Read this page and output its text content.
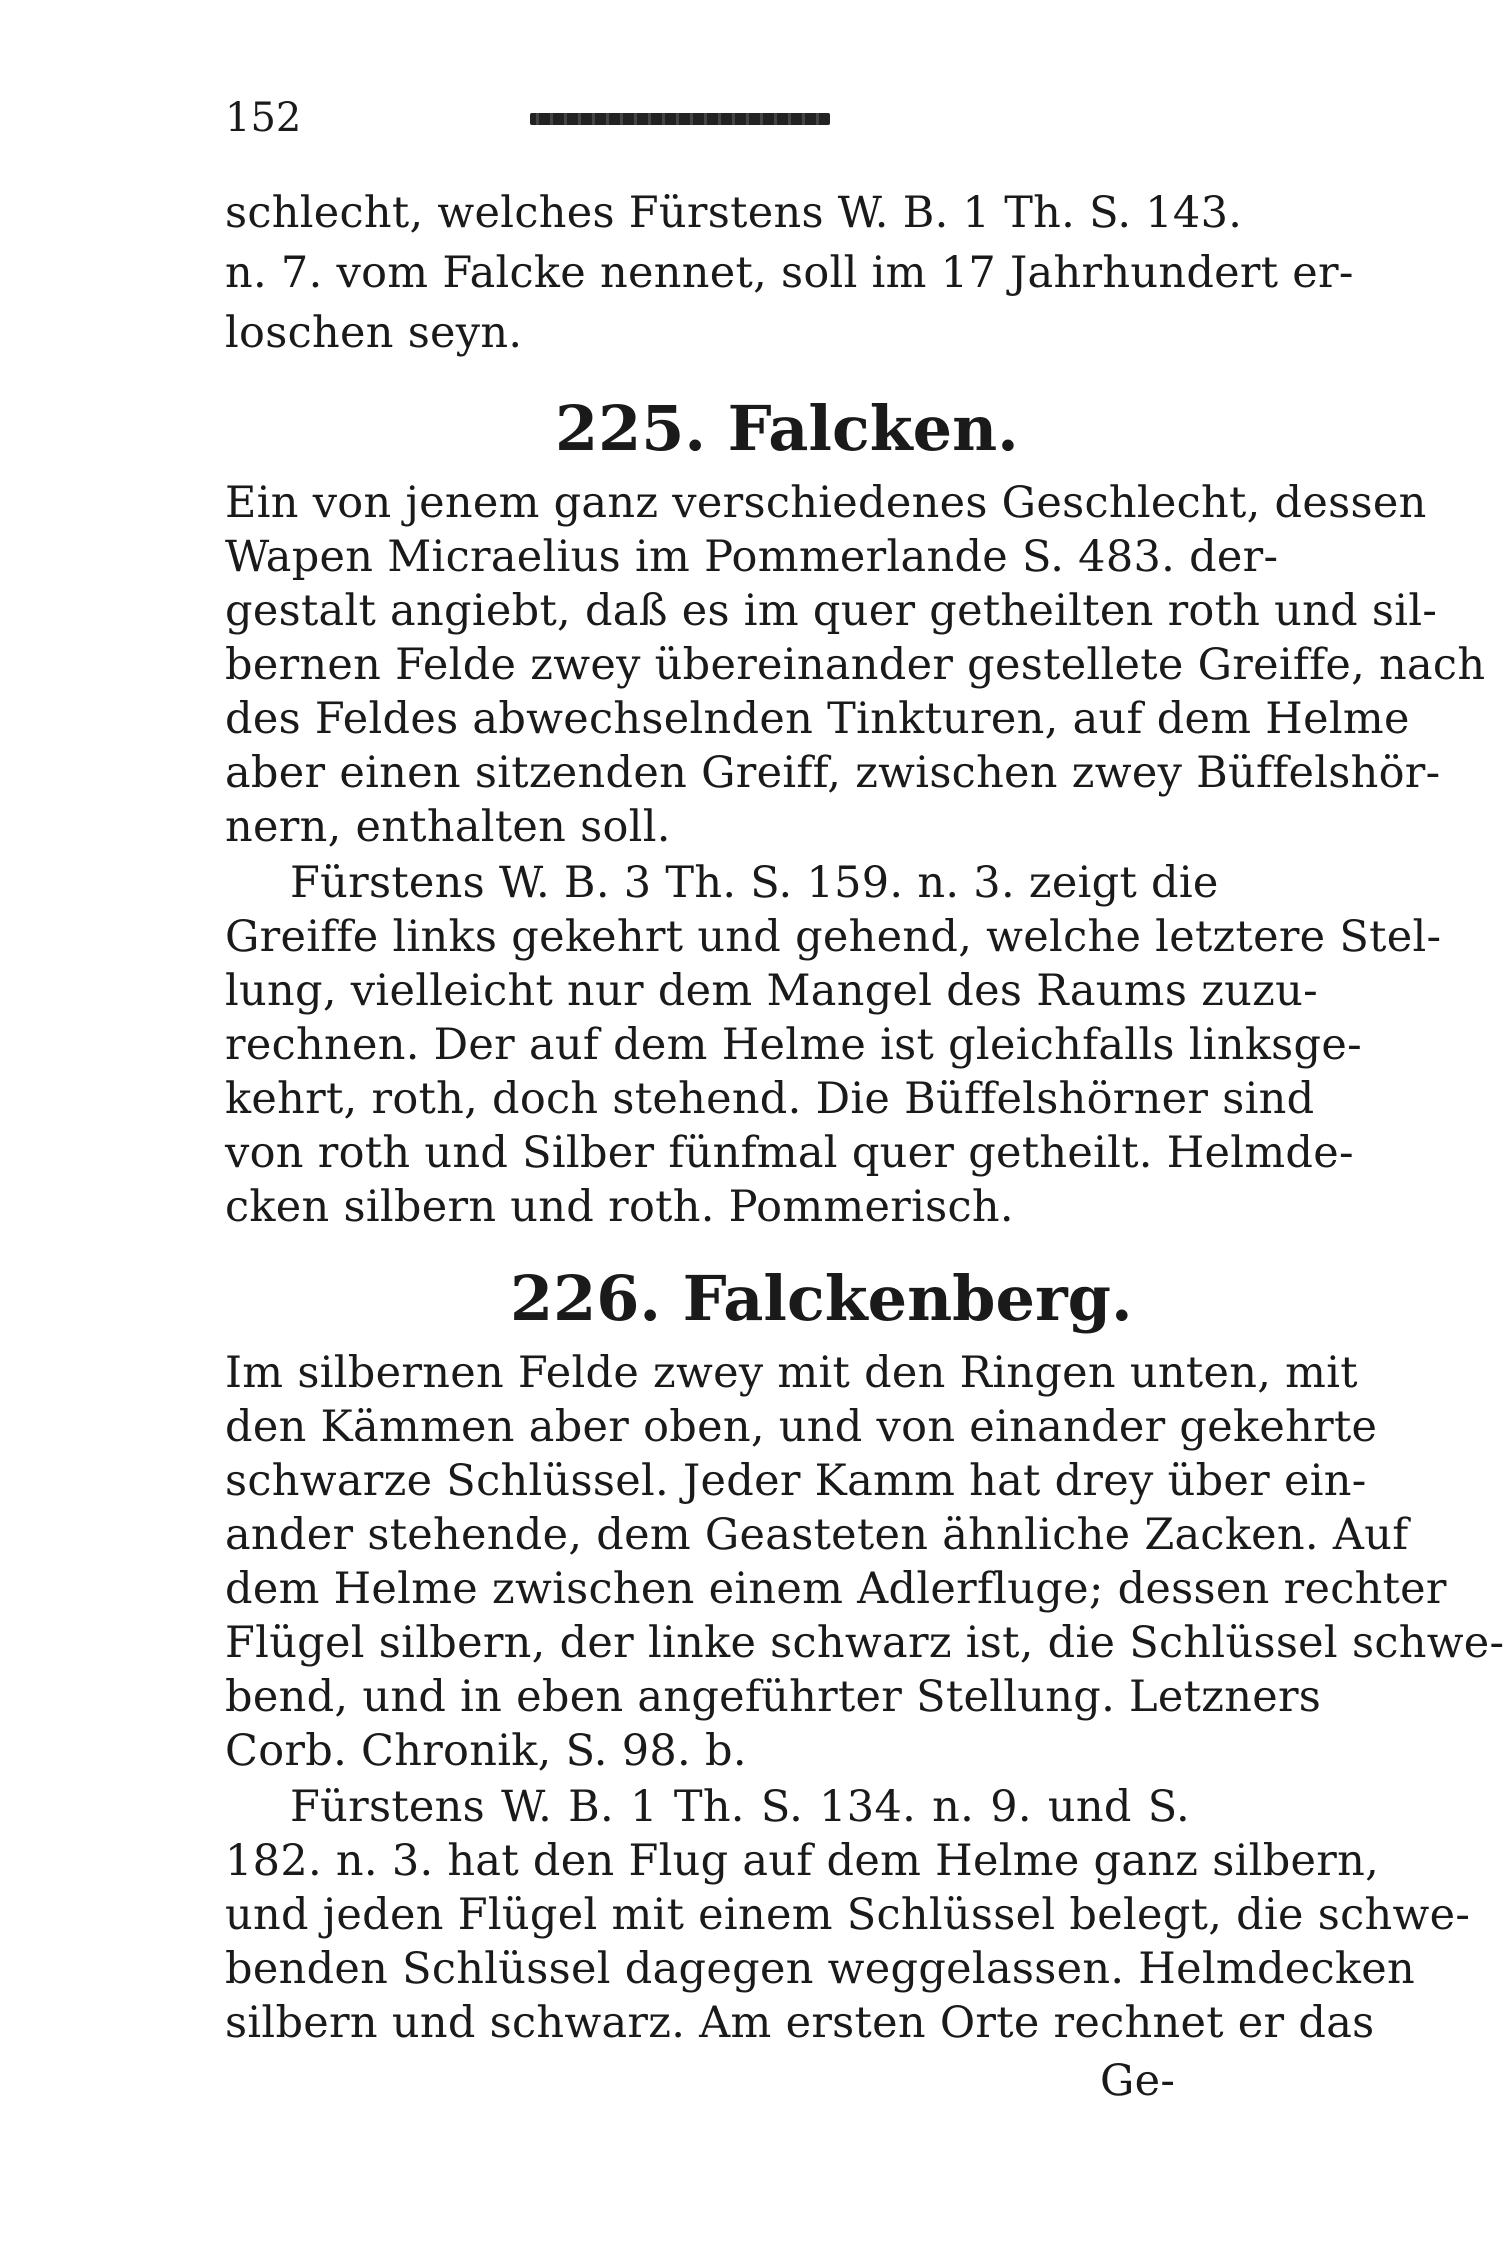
152
schlecht, welches Fürstens W. B. 1 Th. S. 143.
n. 7. vom Falcke nennet, soll im 17 Jahrhundert er-
loschen seyn.
225. Falcken.
Ein von jenem ganz verschiedenes Geschlecht, dessen
Wapen Micraelius im Pommerlande S. 483. der-
gestalt angiebt, daß es im quer getheilten roth und sil-
bernen Felde zwey übereinander gestellete Greiffe, nach
des Feldes abwechselnden Tinkturen, auf dem Helme
aber einen sitzenden Greiff, zwischen zwey Büffelshör-
nern, enthalten soll.
Fürstens W. B. 3 Th. S. 159. n. 3. zeigt die
Greiffe links gekehrt und gehend, welche letztere Stel-
lung, vielleicht nur dem Mangel des Raums zuzu-
rechnen. Der auf dem Helme ist gleichfalls linksge-
kehrt, roth, doch stehend. Die Büffelshörner sind
von roth und Silber fünfmal quer getheilt. Helmde-
cken silbern und roth. Pommerisch.
226. Falckenberg.
Im silbernen Felde zwey mit den Ringen unten, mit
den Kämmen aber oben, und von einander gekehrte
schwarze Schlüssel. Jeder Kamm hat drey über ein-
ander stehende, dem Geasteten ähnliche Zacken. Auf
dem Helme zwischen einem Adlerfluge; dessen rechter
Flügel silbern, der linke schwarz ist, die Schlüssel schwe-
bend, und in eben angeführter Stellung. Letzners
Corb. Chronik, S. 98. b.
Fürstens W. B. 1 Th. S. 134. n. 9. und S.
182. n. 3. hat den Flug auf dem Helme ganz silbern,
und jeden Flügel mit einem Schlüssel belegt, die schwe-
benden Schlüssel dagegen weggelassen. Helmdecken
silbern und schwarz. Am ersten Orte rechnet er das
Ge-
